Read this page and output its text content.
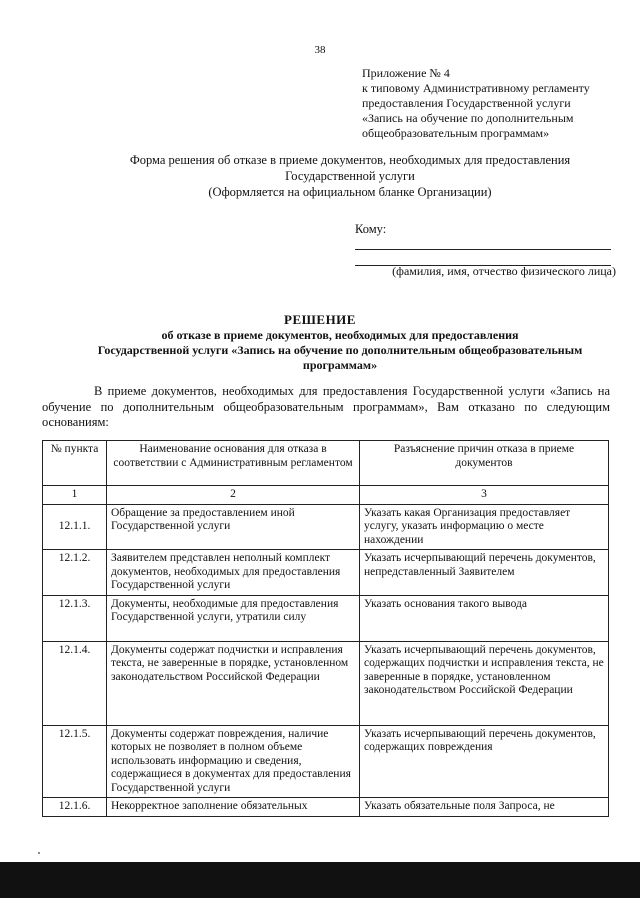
38
Приложение № 4
к типовому Административному регламенту
предоставления Государственной услуги
«Запись на обучение по дополнительным
общеобразовательным программам»
Форма решения об отказе в приеме документов, необходимых для предоставления
Государственной услуги
(Оформляется на официальном бланке Организации)
Кому:
(фамилия, имя, отчество физического лица)
РЕШЕНИЕ
об отказе в приеме документов, необходимых для предоставления
Государственной услуги «Запись на обучение по дополнительным общеобразовательным
программам»
В приеме документов, необходимых для предоставления Государственной услуги «Запись на обучение по дополнительным общеобразовательным программам», Вам отказано по следующим основаниям:
№ пункта	Наименование основания для отказа в соответствии с Административным регламентом	Разъяснение причин отказа в приеме документов
1	2	3
12.1.1.	Обращение за предоставлением иной Государственной услуги	Указать какая Организация предоставляет услугу, указать информацию о месте нахождении
12.1.2.	Заявителем представлен неполный комплект документов, необходимых для предоставления Государственной услуги	Указать исчерпывающий перечень документов, непредставленный Заявителем
12.1.3.	Документы, необходимые для предоставления Государственной услуги, утратили силу	Указать основания такого вывода
12.1.4.	Документы содержат подчистки и исправления текста, не заверенные в порядке, установленном законодательством Российской Федерации	Указать исчерпывающий перечень документов, содержащих подчистки и исправления текста, не заверенные в порядке, установленном законодательством Российской Федерации
12.1.5.	Документы содержат повреждения, наличие которых не позволяет в полном объеме использовать информацию и сведения, содержащиеся в документах для предоставления Государственной услуги	Указать исчерпывающий перечень документов, содержащих повреждения
12.1.6.	Некорректное заполнение обязательных	Указать обязательные поля Запроса, не
